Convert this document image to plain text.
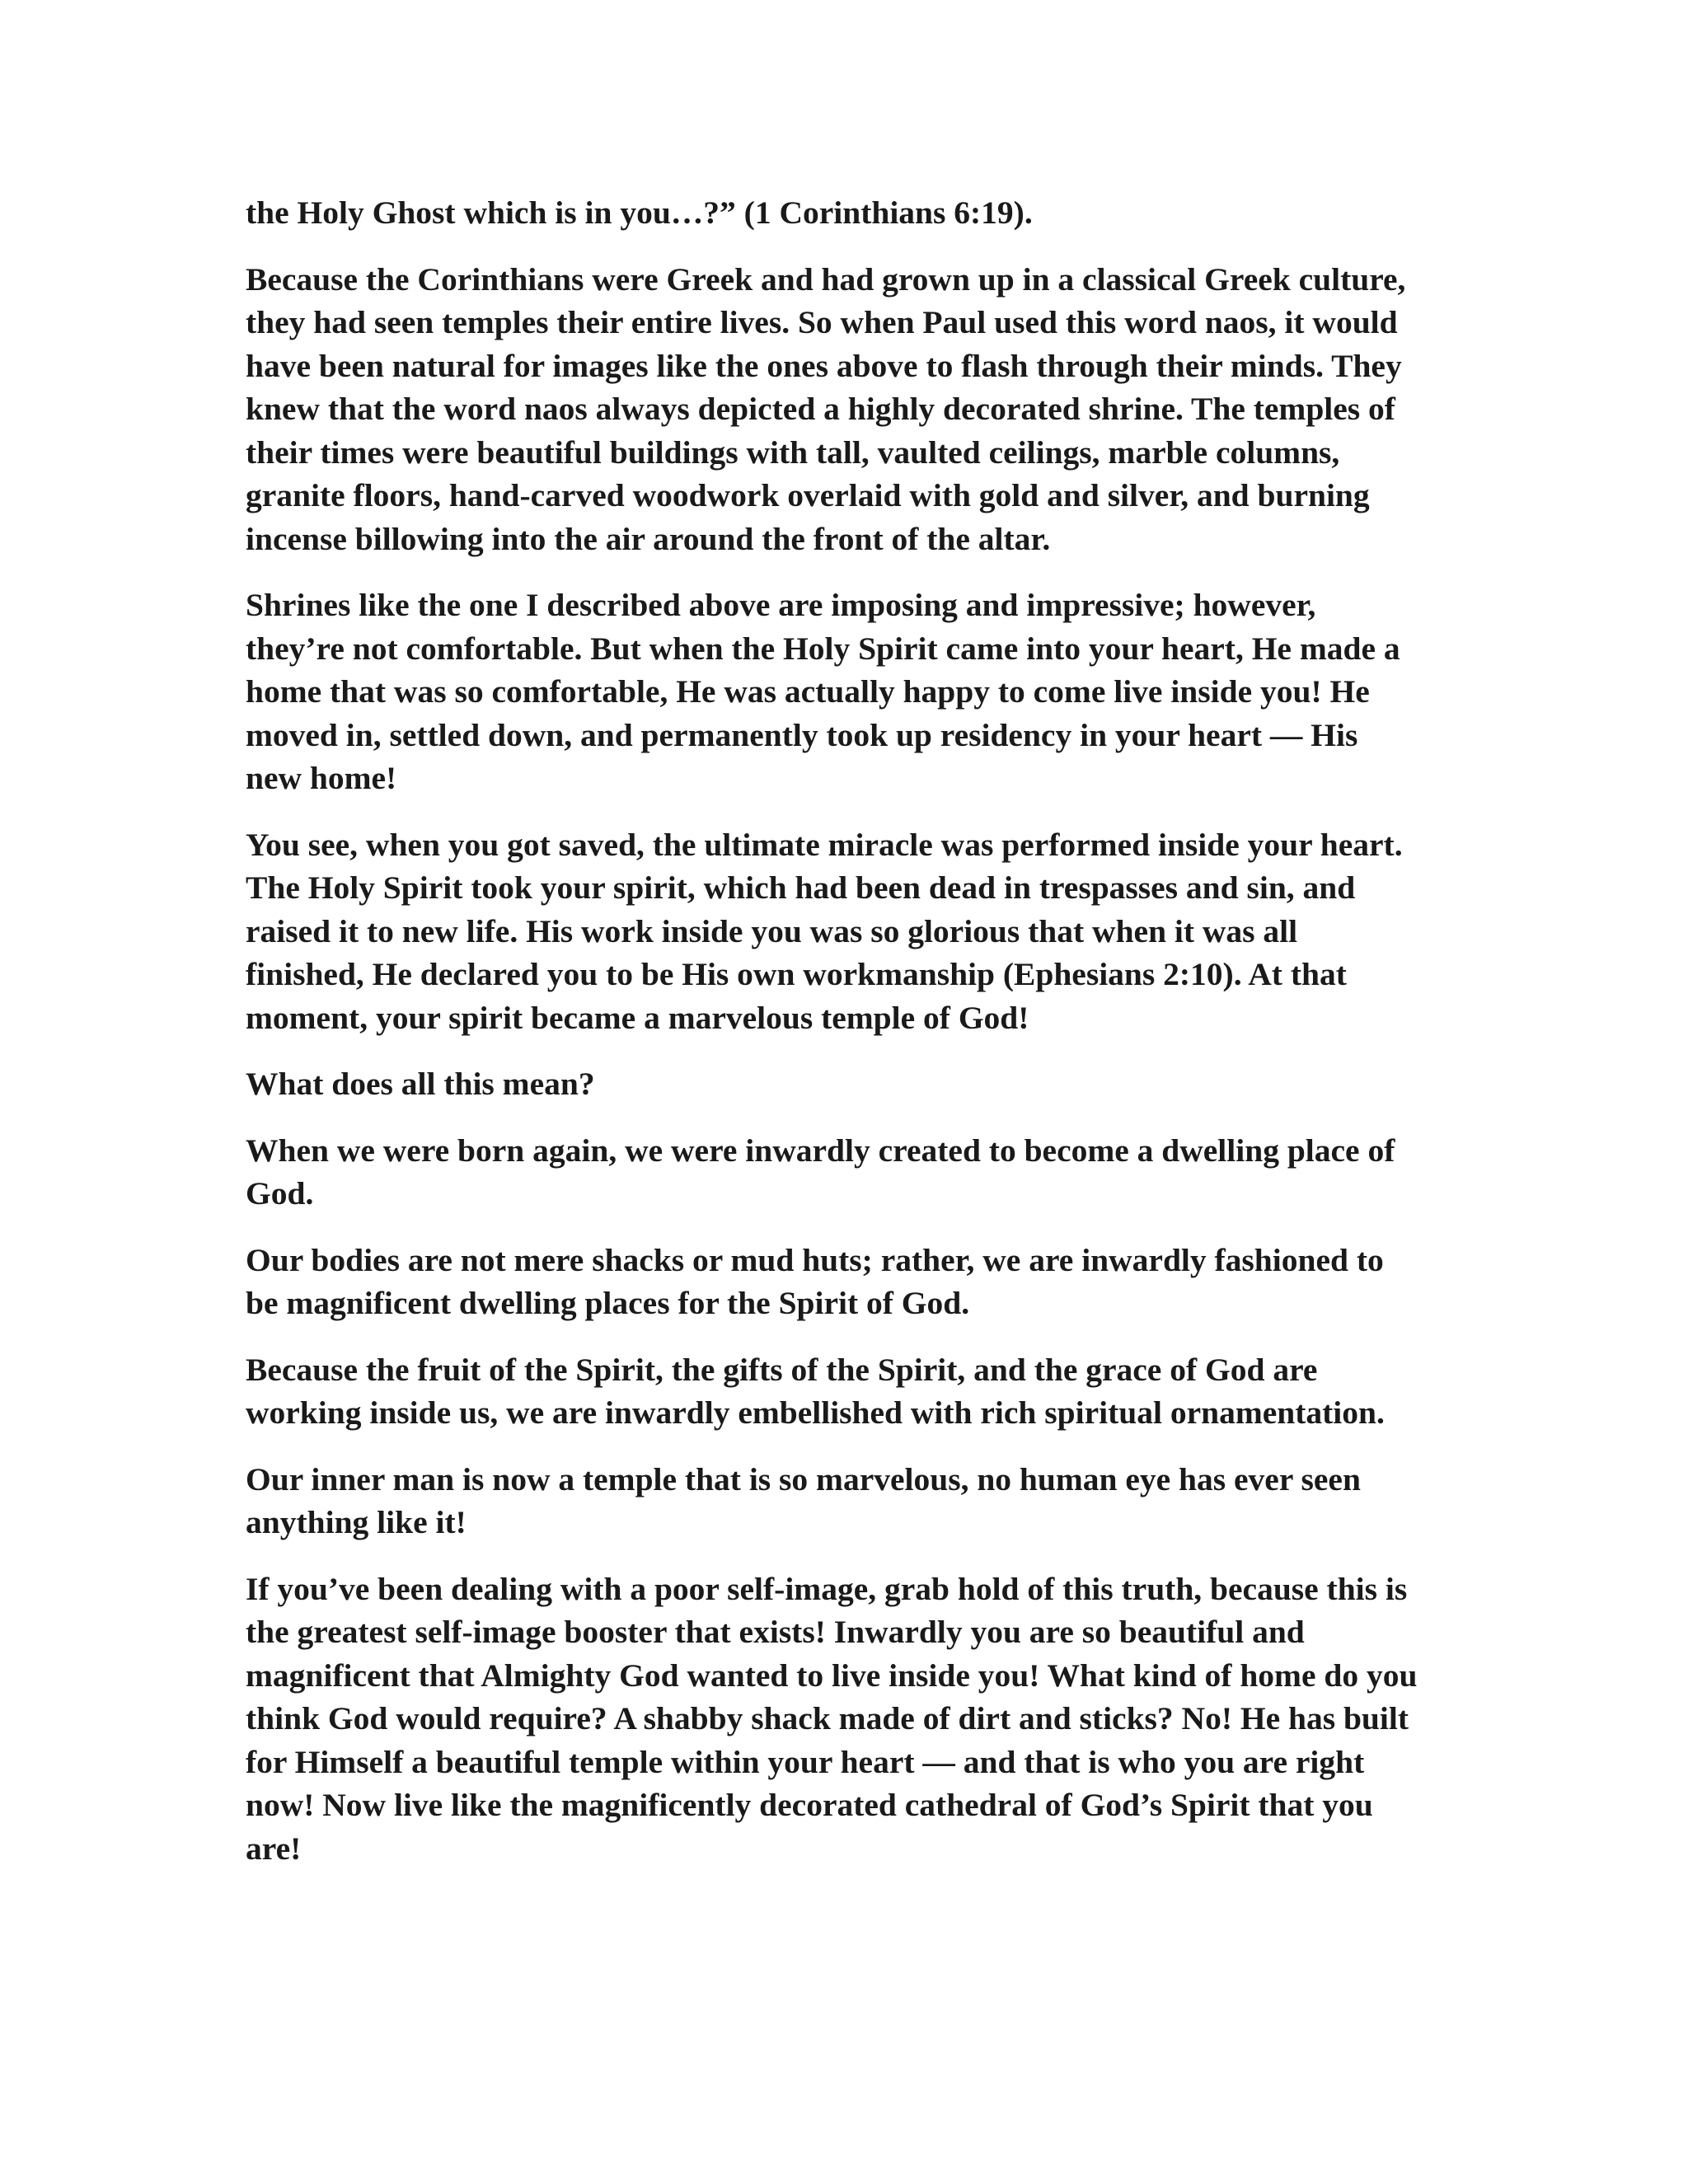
the Holy Ghost which is in you…?” (1 Corinthians 6:19).

Because the Corinthians were Greek and had grown up in a classical Greek culture,
they had seen temples their entire lives. So when Paul used this word naos, it would
have been natural for images like the ones above to flash through their minds. They
knew that the word naos always depicted a highly decorated shrine. The temples of
their times were beautiful buildings with tall, vaulted ceilings, marble columns,
granite floors, hand-carved woodwork overlaid with gold and silver, and burning
incense billowing into the air around the front of the altar.

Shrines like the one I described above are imposing and impressive; however,
they’re not comfortable. But when the Holy Spirit came into your heart, He made a
home that was so comfortable, He was actually happy to come live inside you! He
moved in, settled down, and permanently took up residency in your heart — His
new home!

You see, when you got saved, the ultimate miracle was performed inside your heart.
The Holy Spirit took your spirit, which had been dead in trespasses and sin, and
raised it to new life. His work inside you was so glorious that when it was all
finished, He declared you to be His own workmanship (Ephesians 2:10). At that
moment, your spirit became a marvelous temple of God!

What does all this mean?

When we were born again, we were inwardly created to become a dwelling place of
God.

Our bodies are not mere shacks or mud huts; rather, we are inwardly fashioned to
be magnificent dwelling places for the Spirit of God.

Because the fruit of the Spirit, the gifts of the Spirit, and the grace of God are
working inside us, we are inwardly embellished with rich spiritual ornamentation.

Our inner man is now a temple that is so marvelous, no human eye has ever seen
anything like it!

If you’ve been dealing with a poor self-image, grab hold of this truth, because this is
the greatest self-image booster that exists! Inwardly you are so beautiful and
magnificent that Almighty God wanted to live inside you! What kind of home do you
think God would require? A shabby shack made of dirt and sticks? No! He has built
for Himself a beautiful temple within your heart — and that is who you are right
now! Now live like the magnificently decorated cathedral of God’s Spirit that you
are!
